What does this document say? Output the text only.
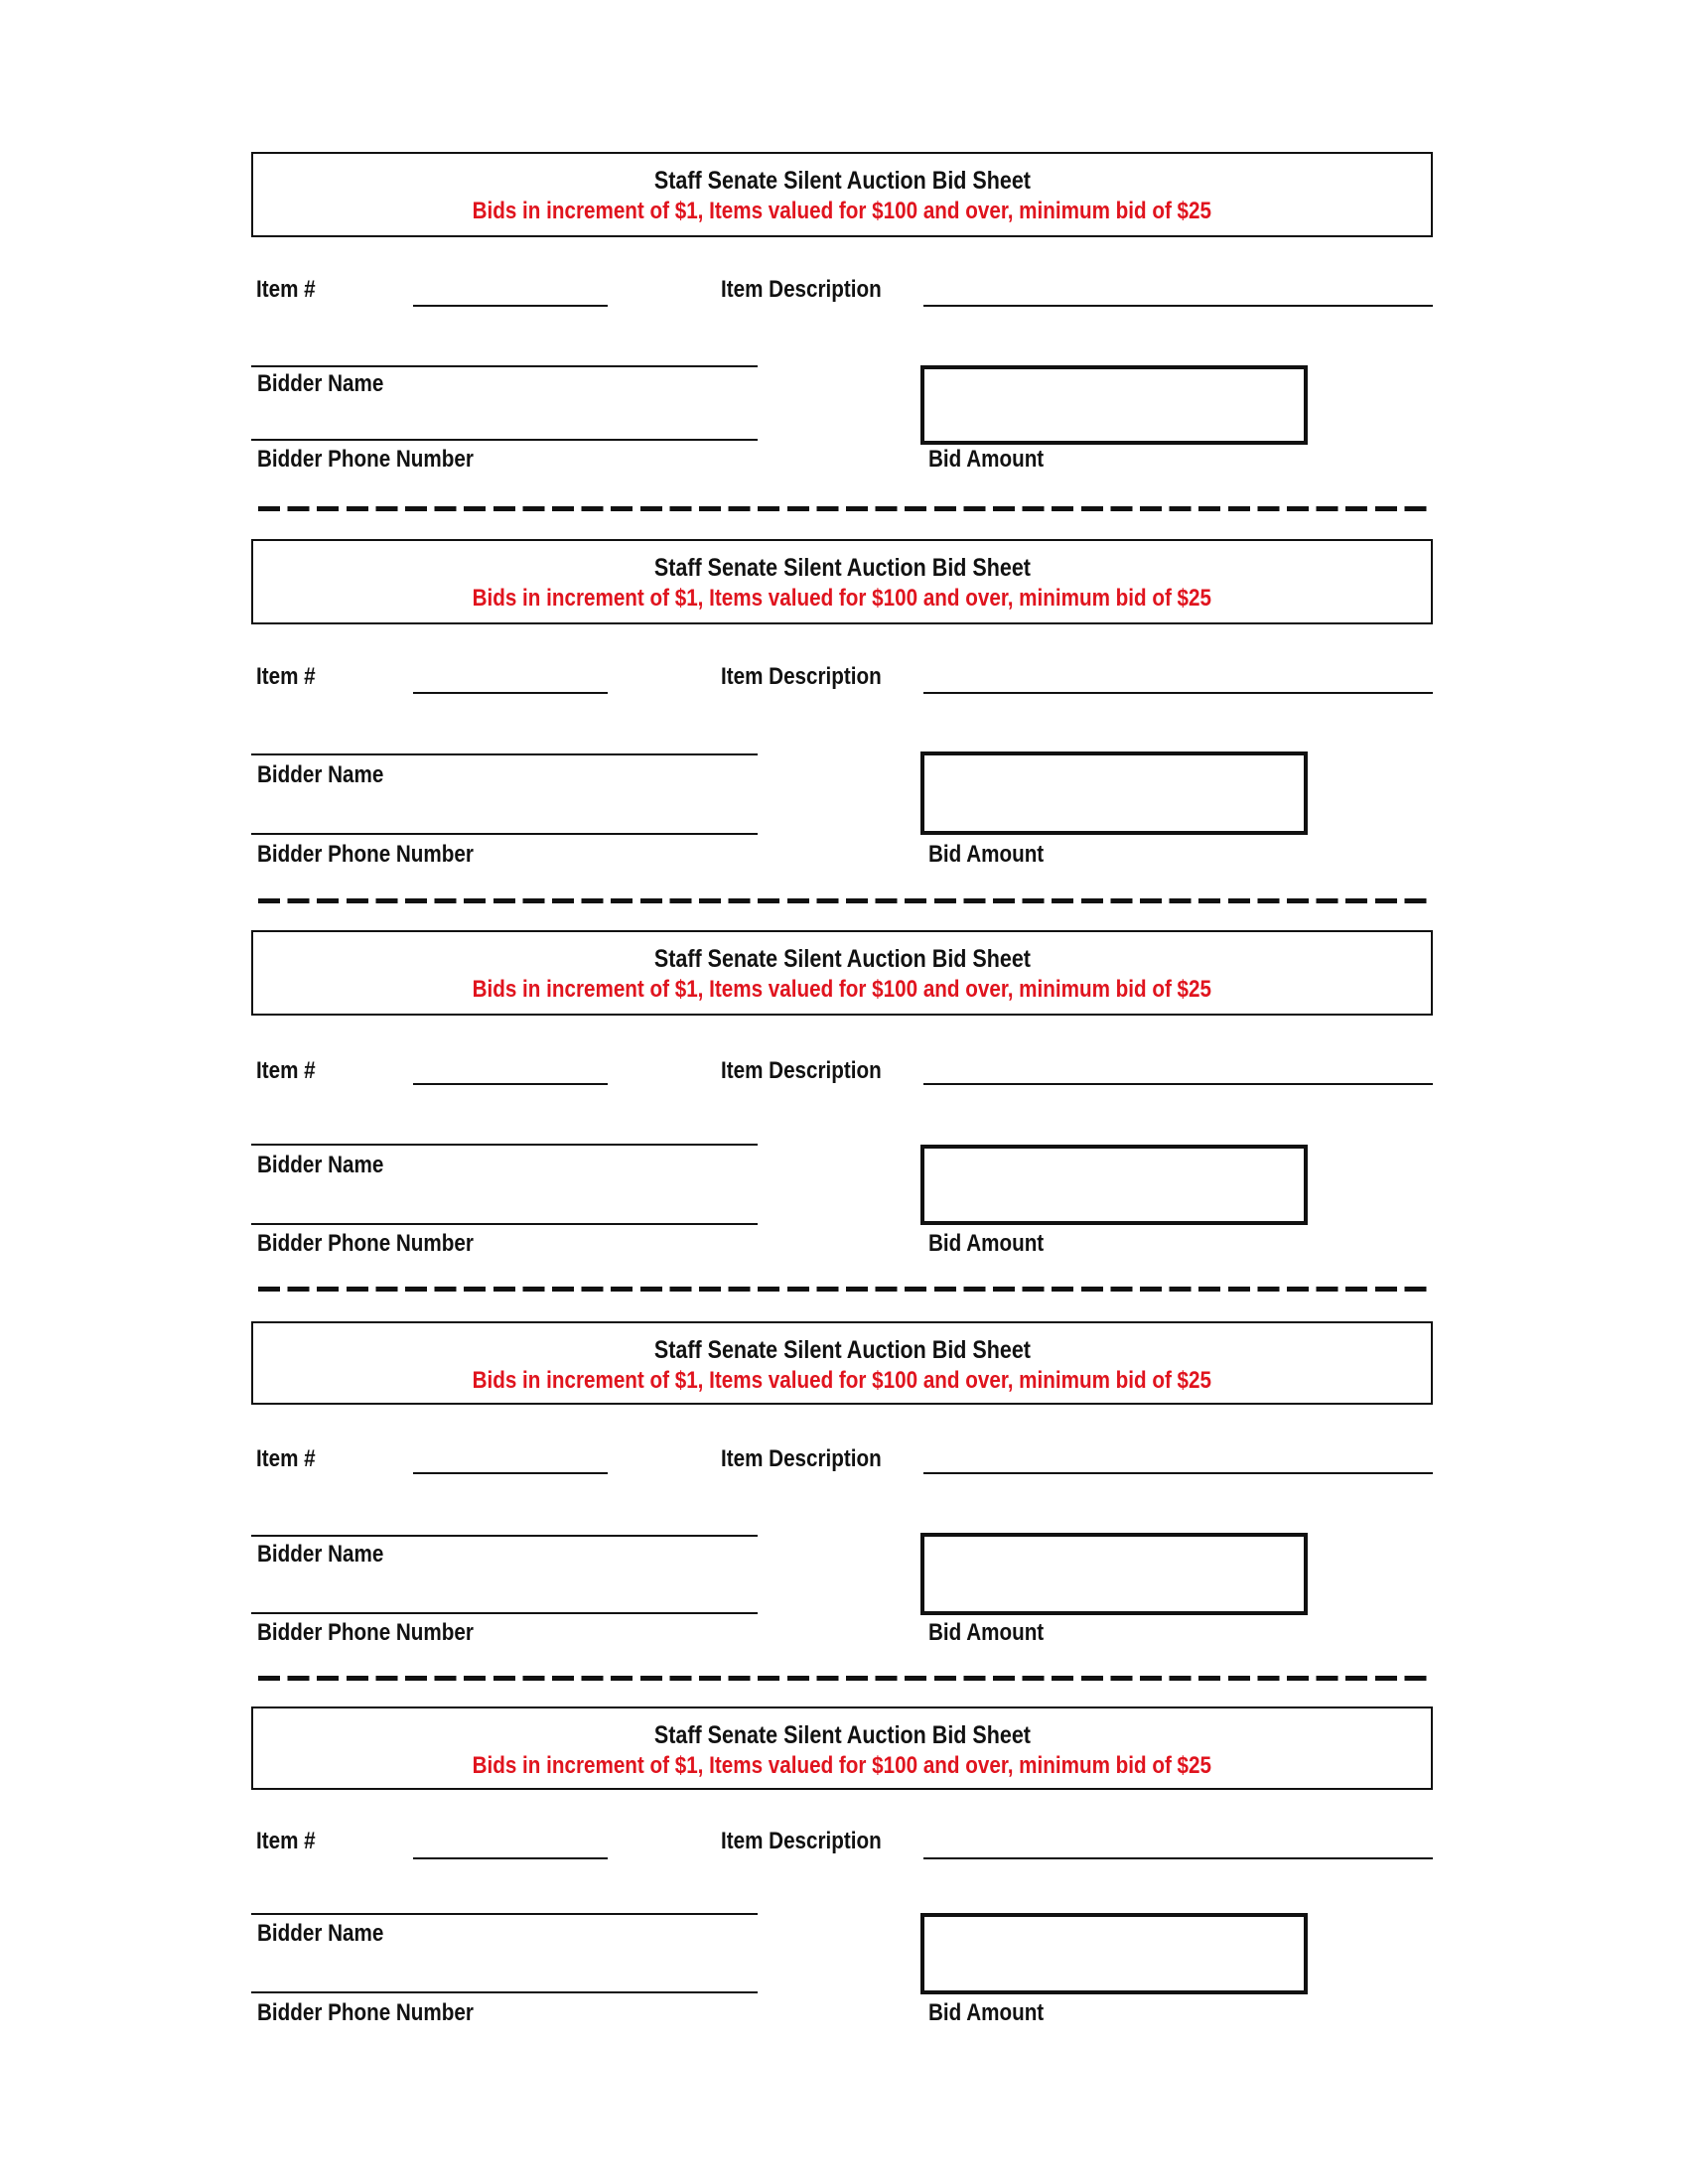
Staff Senate Silent Auction Bid Sheet
Bids in increment of $1, Items valued for $100 and over, minimum bid of $25
Item #	Item Description
Bidder Name
Bidder Phone Number	Bid Amount
Staff Senate Silent Auction Bid Sheet
Bids in increment of $1, Items valued for $100 and over, minimum bid of $25
Item #	Item Description
Bidder Name
Bidder Phone Number	Bid Amount
Staff Senate Silent Auction Bid Sheet
Bids in increment of $1, Items valued for $100 and over, minimum bid of $25
Item #	Item Description
Bidder Name
Bidder Phone Number	Bid Amount
Staff Senate Silent Auction Bid Sheet
Bids in increment of $1, Items valued for $100 and over, minimum bid of $25
Item #	Item Description
Bidder Name
Bidder Phone Number	Bid Amount
Staff Senate Silent Auction Bid Sheet
Bids in increment of $1, Items valued for $100 and over, minimum bid of $25
Item #	Item Description
Bidder Name
Bidder Phone Number	Bid Amount
